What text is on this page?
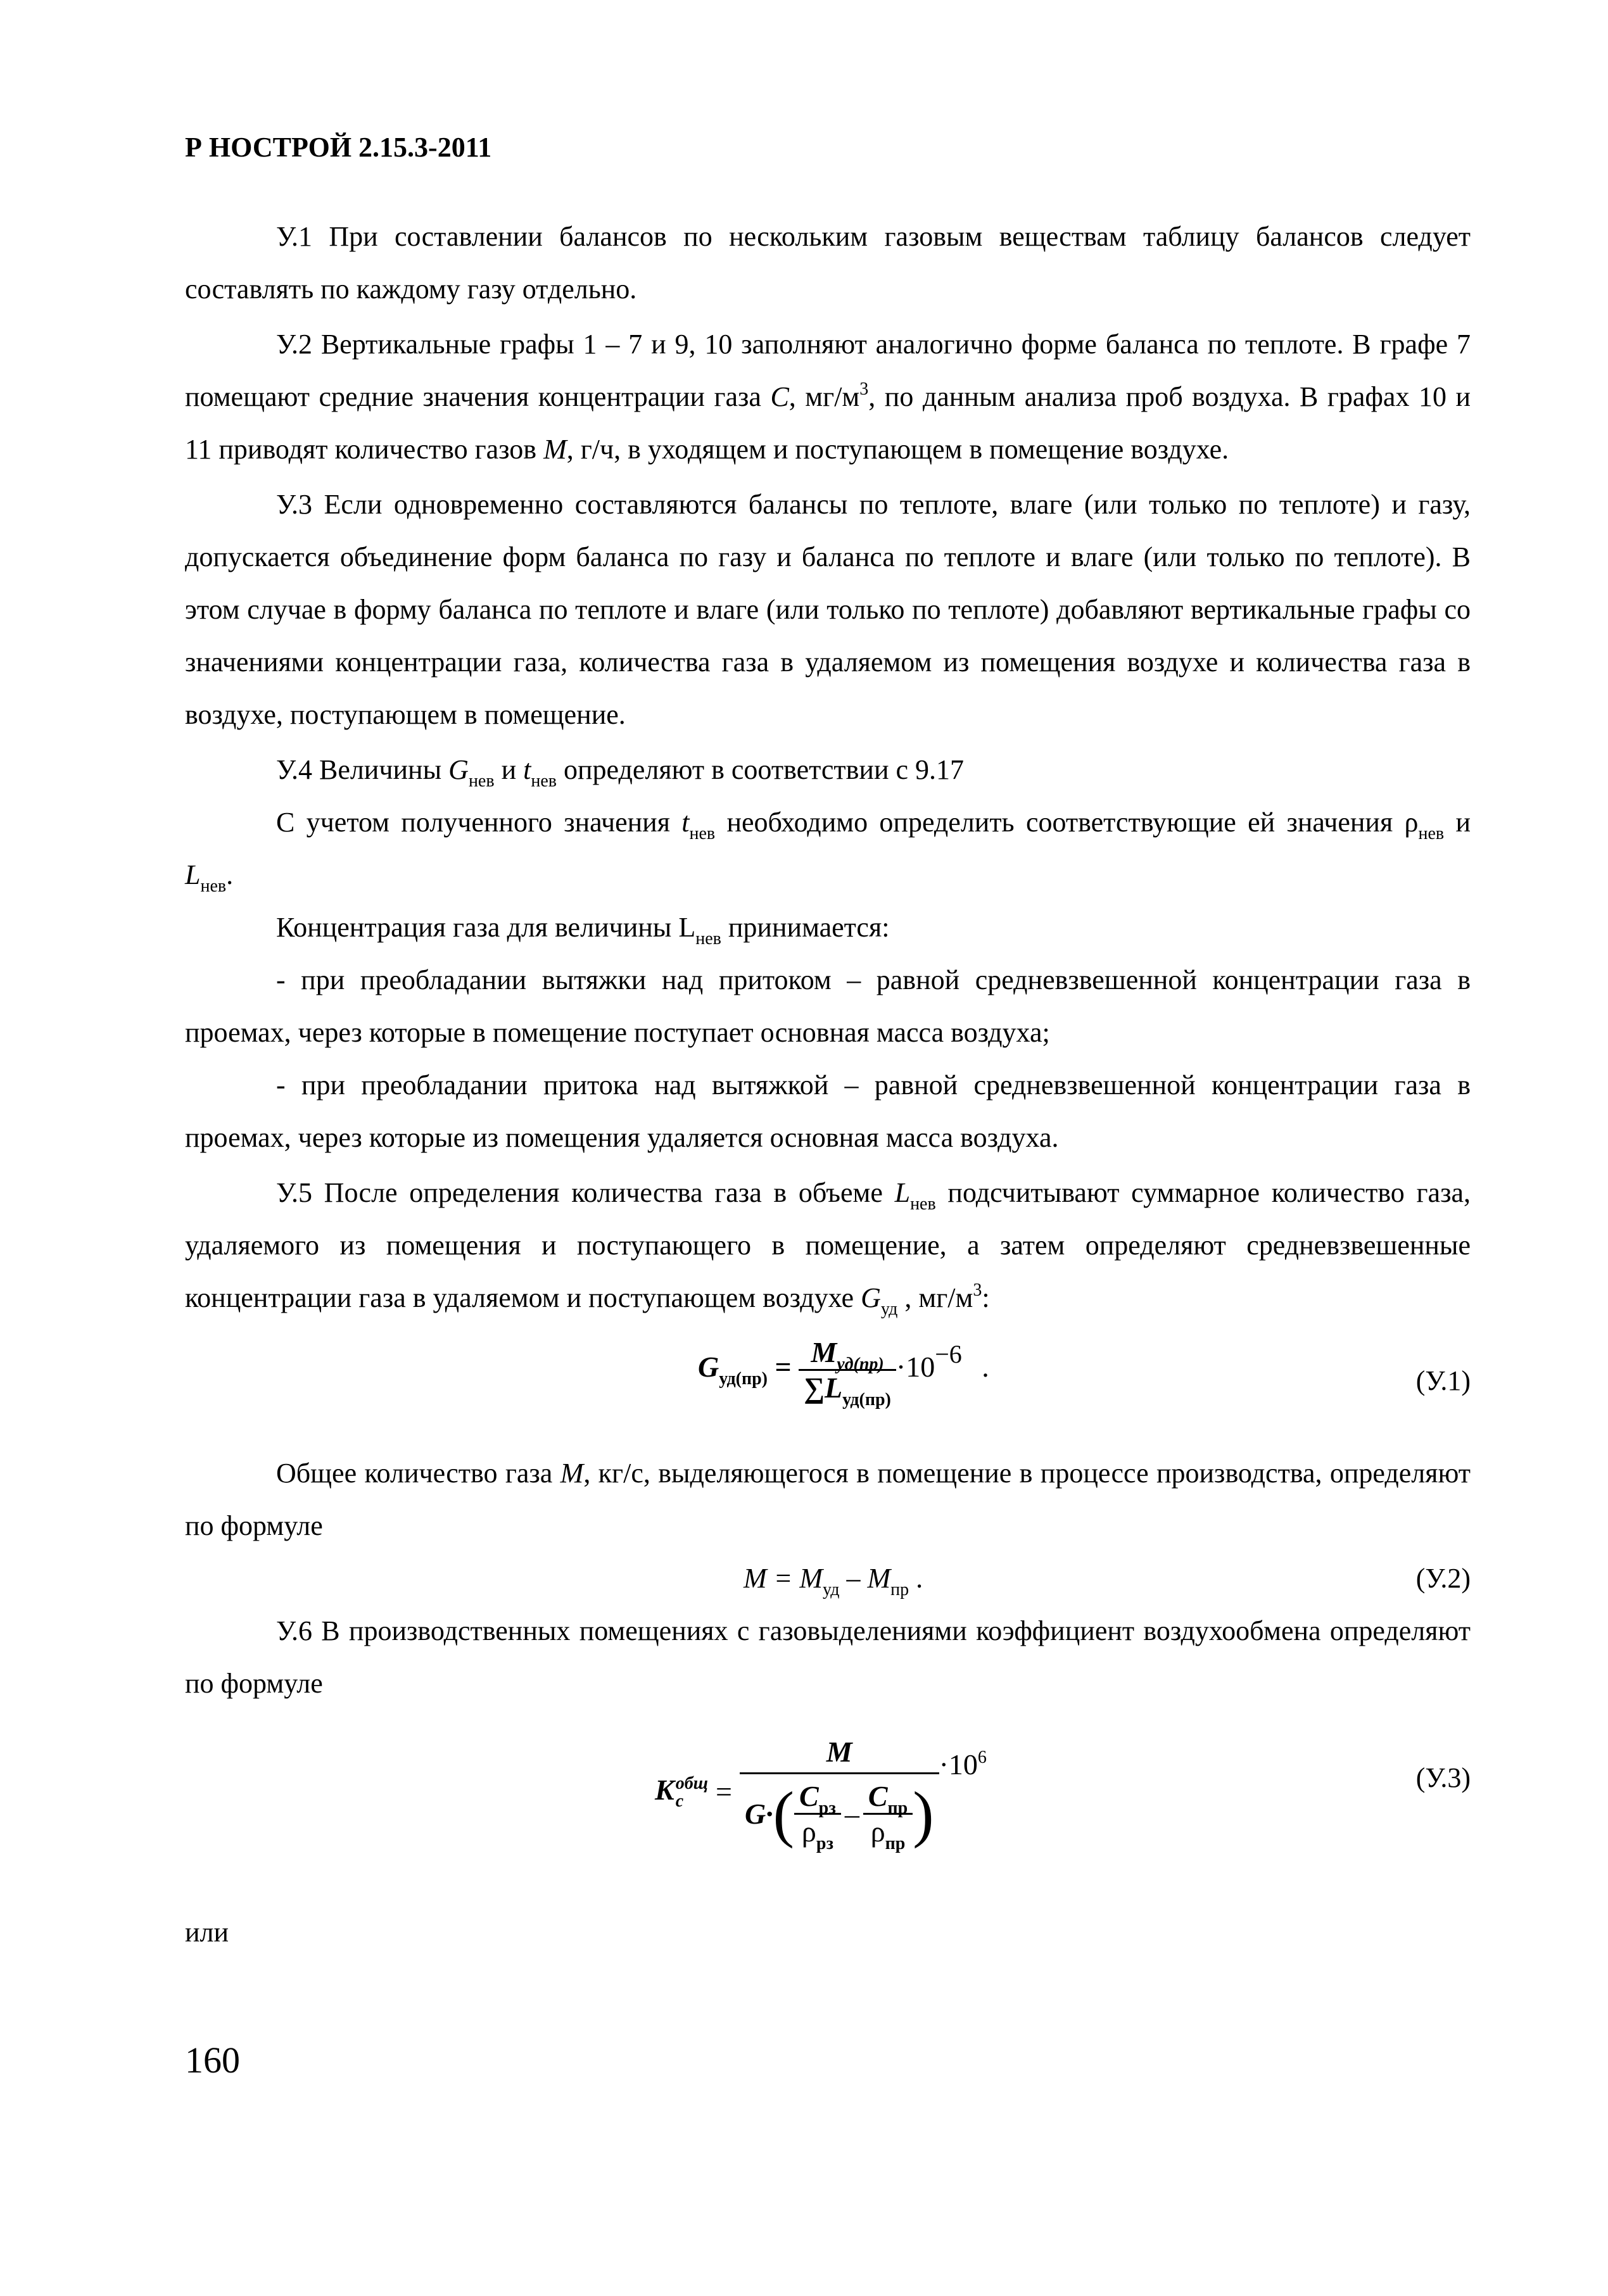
Р НОСТРОЙ 2.15.3-2011

У.1 При составлении балансов по нескольким газовым веществам таблицу балансов следует составлять по каждому газу отдельно.

У.2 Вертикальные графы 1 – 7 и 9, 10 заполняют аналогично форме баланса по теплоте. В графе 7 помещают средние значения концентрации газа C, $мг/м^3$, по данным анализа проб воздуха. В графах 10 и 11 приводят количество газов M, г/ч, в уходящем и поступающем в помещение воздухе.

У.3 Если одновременно составляются балансы по теплоте, влаге (или только по теплоте) и газу, допускается объединение форм баланса по газу и баланса по теплоте и влаге (или только по теплоте). В этом случае в форму баланса по теплоте и влаге (или только по теплоте) добавляют вертикальные графы со значениями концентрации газа, количества газа в удаляемом из помещения воздухе и количества газа в воздухе, поступающем в помещение.

У.4 Величины $G_{нев}$ и $t_{нев}$ определяют в соответствии с 9.17

С учетом полученного значения $t_{нев}$ необходимо определить соответствующие ей значения $\rho_{нев}$ и $L_{нев}$.

Концентрация газа для величины $L_{нев}$ принимается:

- при преобладании вытяжки над притоком – равной средневзвешенной концентрации газа в проемах, через которые в помещение поступает основная масса воздуха;

- при преобладании притока над вытяжкой – равной средневзвешенной концентрации газа в проемах, через которые из помещения удаляется основная масса воздуха.

У.5 После определения количества газа в объеме $L_{нев}$ подсчитывают суммарное количество газа, удаляемого из помещения и поступающего в помещение, а затем определяют средневзвешенные концентрации газа в удаляемом и поступающем воздухе $G_{уд}$ , $мг/м^3$:

$G_{уд(пр)} = \frac{M_{уд(пр)}}{\sum L_{уд(пр)}} \cdot 10^{-6}$ .	(У.1)

Общее количество газа M, кг/с, выделяющегося в помещение в процессе производства, определяют по формуле

$M = M_{уд} - M_{пр}$ .	(У.2)

У.6 В производственных помещениях с газовыделениями коэффициент воздухообмена определяют по формуле

K общ
c	=
M
G· ( $\frac{C_{рз}}{\rho_{рз}} - \frac{C_{пр}}{\rho_{пр}}$ )
$\cdot 10^6$
(У.3)

или

160
